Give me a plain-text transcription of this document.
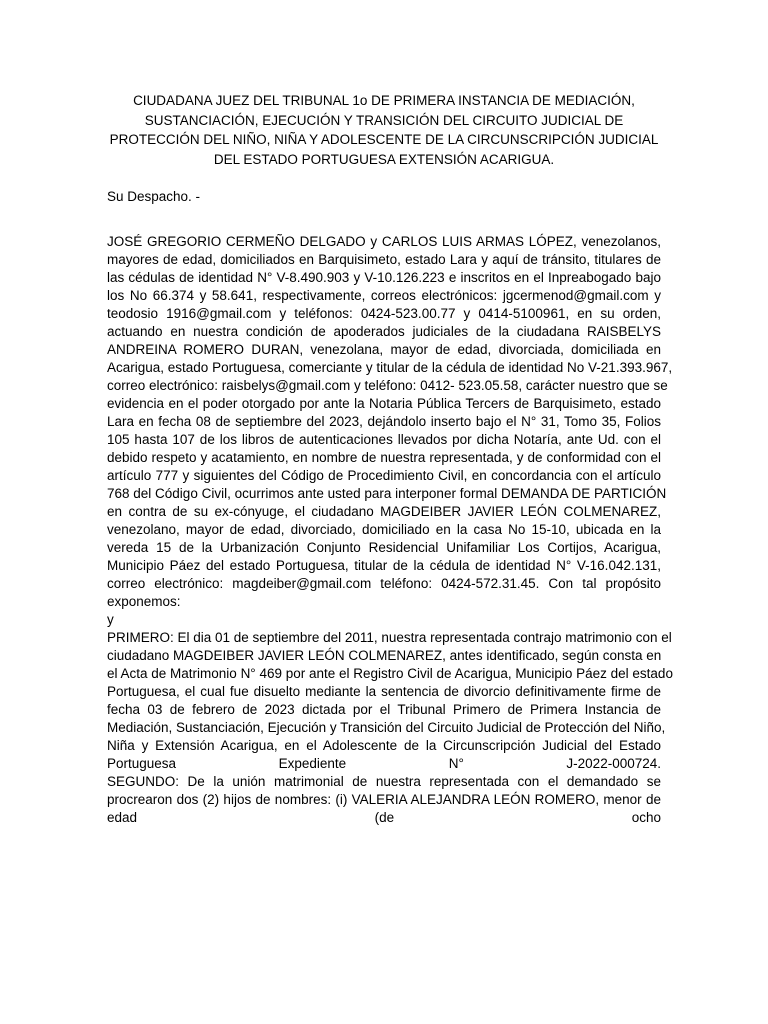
CIUDADANA JUEZ DEL TRIBUNAL 1o DE PRIMERA INSTANCIA DE MEDIACIÓN,
SUSTANCIACIÓN, EJECUCIÓN Y TRANSICIÓN DEL CIRCUITO JUDICIAL DE
PROTECCIÓN DEL NIÑO, NIÑA Y ADOLESCENTE DE LA CIRCUNSCRIPCIÓN JUDICIAL
DEL ESTADO PORTUGUESA EXTENSIÓN ACARIGUA.
Su Despacho. -
JOSÉ GREGORIO CERMEÑO DELGADO y CARLOS LUIS ARMAS LÓPEZ, venezolanos,
mayores de edad, domiciliados en Barquisimeto, estado Lara y aquí de tránsito, titulares de
las cédulas de identidad N° V-8.490.903 y V-10.126.223 e inscritos en el Inpreabogado bajo
los No 66.374 y 58.641, respectivamente, correos electrónicos: jgcermenod@gmail.com y
teodosio 1916@gmail.com y teléfonos: 0424-523.00.77 y 0414-5100961, en su orden,
actuando en nuestra condición de apoderados judiciales de la ciudadana RAISBELYS
ANDREINA ROMERO DURAN, venezolana, mayor de edad, divorciada, domiciliada en
Acarigua, estado Portuguesa, comerciante y titular de la cédula de identidad No V-21.393.967,
correo electrónico: raisbelys@gmail.com y teléfono: 0412- 523.05.58, carácter nuestro que se
evidencia en el poder otorgado por ante la Notaria Pública Tercers de Barquisimeto, estado
Lara en fecha 08 de septiembre del 2023, dejándolo inserto bajo el N° 31, Tomo 35, Folios
105 hasta 107 de los libros de autenticaciones llevados por dicha Notaría, ante Ud. con el
debido respeto y acatamiento, en nombre de nuestra representada, y de conformidad con el
artículo 777 y siguientes del Código de Procedimiento Civil, en concordancia con el artículo
768 del Código Civil, ocurrimos ante usted para interponer formal DEMANDA DE PARTICIÓN
en contra de su ex-cónyuge, el ciudadano MAGDEIBER JAVIER LEÓN COLMENAREZ,
venezolano, mayor de edad, divorciado, domiciliado en la casa No 15-10, ubicada en la
vereda 15 de la Urbanización Conjunto Residencial Unifamiliar Los Cortijos, Acarigua,
Municipio Páez del estado Portuguesa, titular de la cédula de identidad N° V-16.042.131,
correo electrónico: magdeiber@gmail.com teléfono: 0424-572.31.45. Con tal propósito
exponemos:
y
PRIMERO: El dia 01 de septiembre del 2011, nuestra representada contrajo matrimonio con el
ciudadano MAGDEIBER JAVIER LEÓN COLMENAREZ, antes identificado, según consta en
el Acta de Matrimonio N° 469 por ante el Registro Civil de Acarigua, Municipio Páez del estado
Portuguesa, el cual fue disuelto mediante la sentencia de divorcio definitivamente firme de
fecha 03 de febrero de 2023 dictada por el Tribunal Primero de Primera Instancia de
Mediación, Sustanciación, Ejecución y Transición del Circuito Judicial de Protección del Niño,
Niña y Extensión Acarigua, en el Adolescente de la Circunscripción Judicial del Estado
Portuguesa Expediente N° J-2022-000724.
SEGUNDO: De la unión matrimonial de nuestra representada con el demandado se
procrearon dos (2) hijos de nombres: (i) VALERIA ALEJANDRA LEÓN ROMERO, menor de
edad (de ocho
